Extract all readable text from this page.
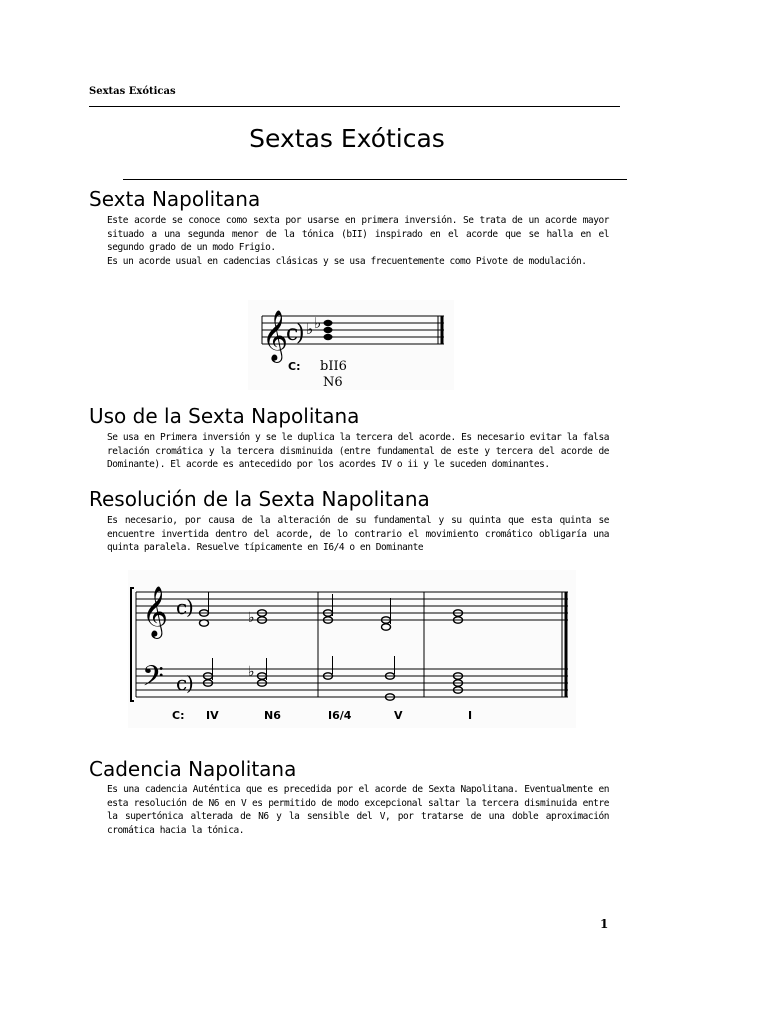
Sextas Exóticas
Sextas Exóticas
Sexta Napolitana
Este acorde se conoce como sexta por usarse en primera inversión. Se trata de un acorde mayor situado a una segunda menor de la tónica (bII) inspirado en el acorde que se halla en el segundo grado de un modo Frigio.
Es un acorde usual en cadencias clásicas y se usa frecuentemente como Pivote de modulación.
𝄞
c
) ♭ ♭
C: bII6
N6
Uso de la Sexta Napolitana
Se usa en Primera inversión y se le duplica la tercera del acorde. Es necesario evitar la falsa relación cromática y la tercera disminuida (entre fundamental de este y tercera del acorde de Dominante). El acorde es antecedido por los acordes IV o ii y le suceden dominantes.
Resolución de la Sexta Napolitana
Es necesario, por causa de la alteración de su fundamental y su quinta que esta quinta se encuentre invertida dentro del acorde, de lo contrario el movimiento cromático obligaría una quinta paralela. Resuelve típicamente en I6/4 o en Dominante
𝄞
𝄢
c
)
c
)
♭
♭
C: IV	N6	I6/4	V	I
Cadencia Napolitana
Es una cadencia Auténtica que es precedida por el acorde de Sexta Napolitana. Eventualmente en esta resolución de N6 en V es permitido de modo excepcional saltar la tercera disminuida entre la supertónica alterada de N6 y la sensible del V, por tratarse de una doble aproximación cromática hacia la tónica.
1
